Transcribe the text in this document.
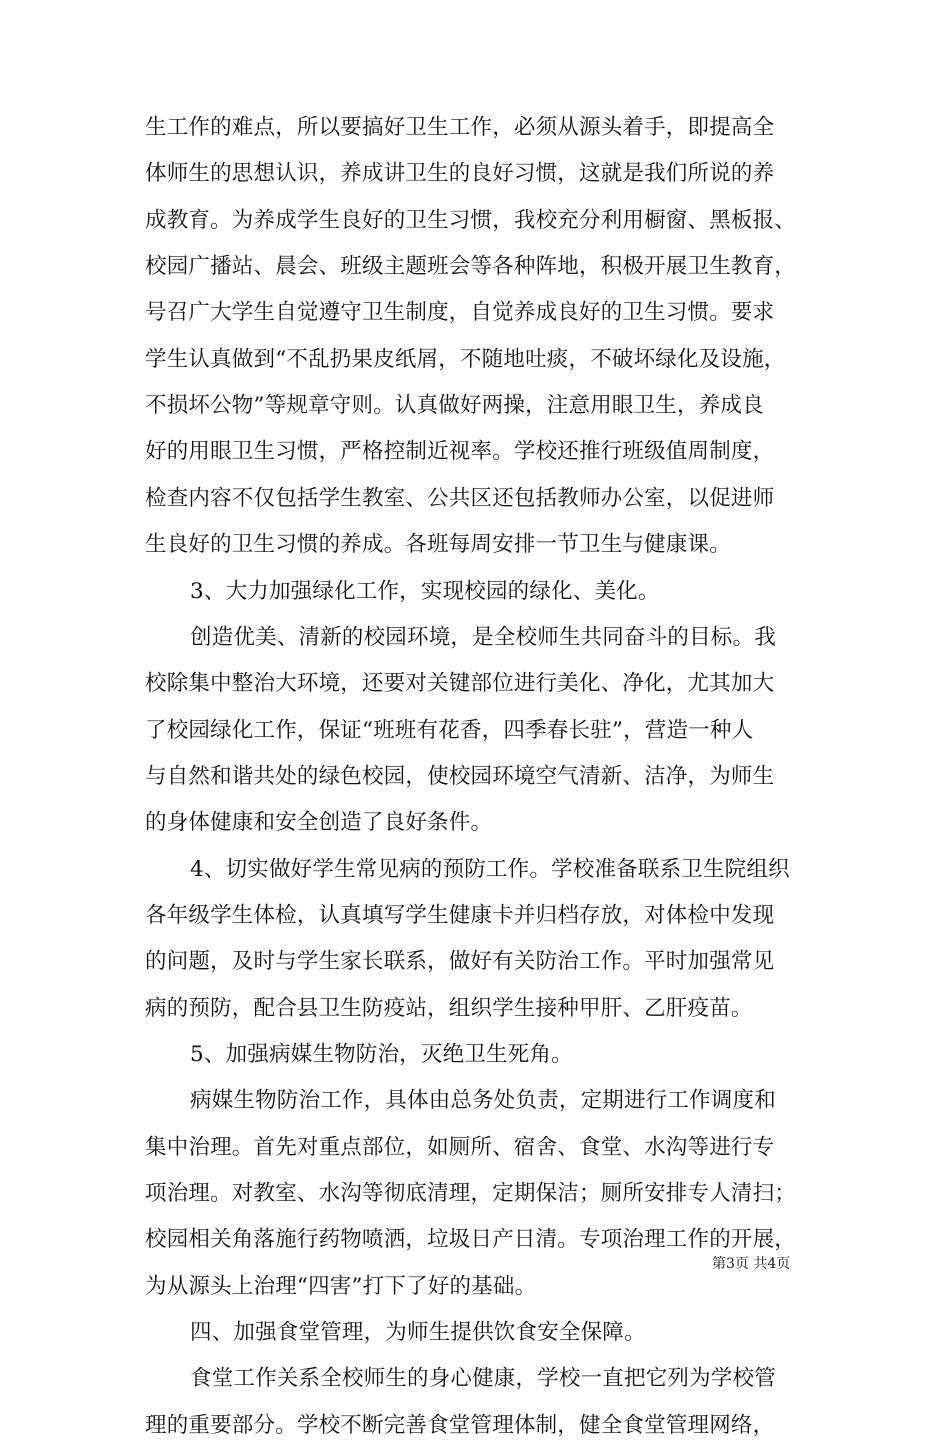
生工作的难点，所以要搞好卫生工作，必须从源头着手，即提高全
体师生的思想认识，养成讲卫生的良好习惯，这就是我们所说的养
成教育。为养成学生良好的卫生习惯，我校充分利用橱窗、黑板报、
校园广播站、晨会、班级主题班会等各种阵地，积极开展卫生教育，
号召广大学生自觉遵守卫生制度，自觉养成良好的卫生习惯。要求
学生认真做到“不乱扔果皮纸屑，不随地吐痰，不破坏绿化及设施，
不损坏公物”等规章守则。认真做好两操，注意用眼卫生，养成良
好的用眼卫生习惯，严格控制近视率。学校还推行班级值周制度，
检查内容不仅包括学生教室、公共区还包括教师办公室，以促进师
生良好的卫生习惯的养成。各班每周安排一节卫生与健康课。
3、大力加强绿化工作，实现校园的绿化、美化。
创造优美、清新的校园环境，是全校师生共同奋斗的目标。我
校除集中整治大环境，还要对关键部位进行美化、净化，尤其加大
了校园绿化工作，保证“班班有花香，四季春长驻”，营造一种人
与自然和谐共处的绿色校园，使校园环境空气清新、洁净，为师生
的身体健康和安全创造了良好条件。
4、切实做好学生常见病的预防工作。学校准备联系卫生院组织
各年级学生体检，认真填写学生健康卡并归档存放，对体检中发现
的问题，及时与学生家长联系，做好有关防治工作。平时加强常见
病的预防，配合县卫生防疫站，组织学生接种甲肝、乙肝疫苗。
5、加强病媒生物防治，灭绝卫生死角。
病媒生物防治工作，具体由总务处负责，定期进行工作调度和
集中治理。首先对重点部位，如厕所、宿舍、食堂、水沟等进行专
项治理。对教室、水沟等彻底清理，定期保洁；厕所安排专人清扫；
校园相关角落施行药物喷洒，垃圾日产日清。专项治理工作的开展，
为从源头上治理“四害”打下了好的基础。
四、加强食堂管理，为师生提供饮食安全保障。
食堂工作关系全校师生的身心健康，学校一直把它列为学校管
理的重要部分。学校不断完善食堂管理体制，健全食堂管理网络，
第3页 共4页
